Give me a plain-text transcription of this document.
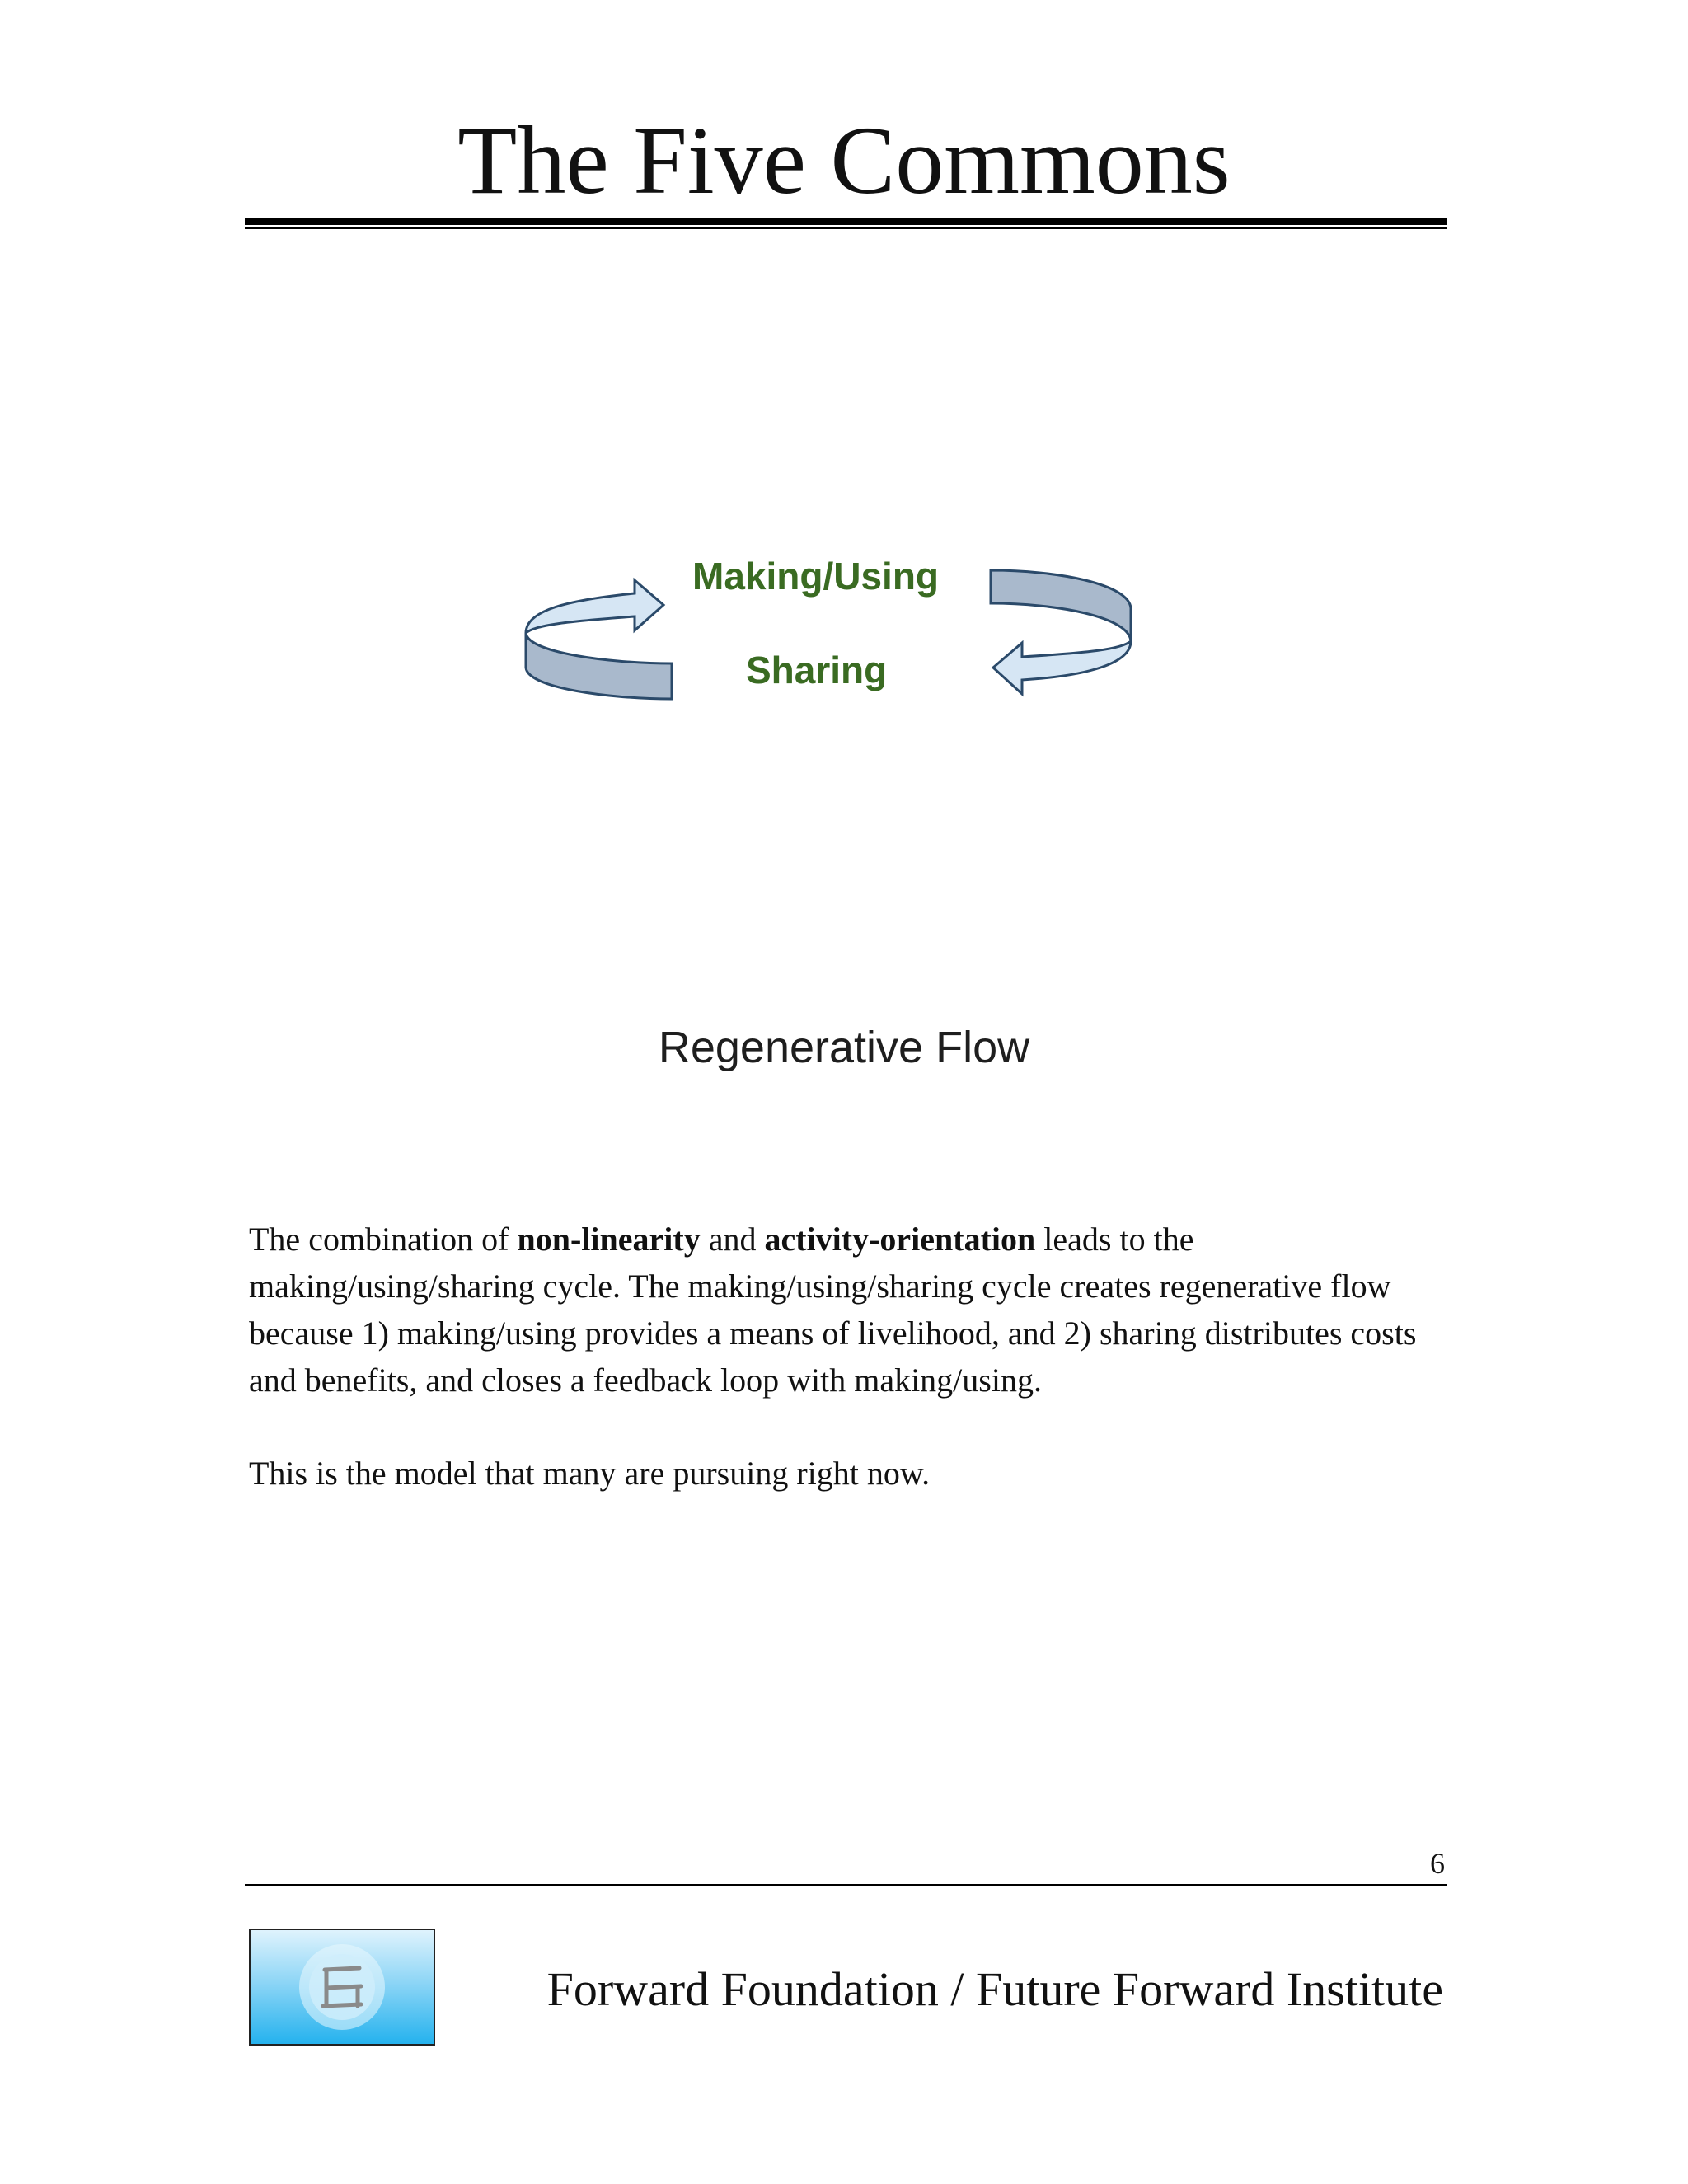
The Five Commons
Making/Using
Sharing
Regenerative Flow

The combination of non-linearity and activity-orientation leads to the making/using/sharing cycle. The making/using/sharing cycle creates regenerative flow because 1) making/using provides a means of livelihood, and 2) sharing distributes costs and benefits, and closes a feedback loop with making/using.

This is the model that many are pursuing right now.

6
Forward Foundation / Future Forward Institute
